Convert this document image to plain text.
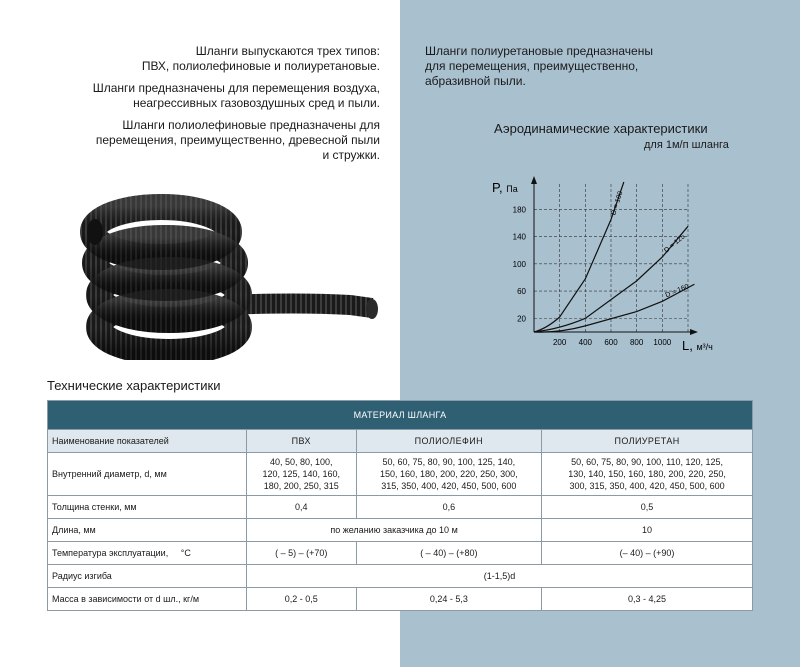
Шланги выпускаются трех типов:
ПВХ, полиолефиновые и полиуретановые.

Шланги предназначены для перемещения воздуха,
неагрессивных газовоздушных сред и пыли.

Шланги полиолефиновые предназначены для
перемещения, преимущественно, древесной пыли
и стружки.

Шланги полиуретановые предназначены
для перемещения, преимущественно,
абразивной пыли.
Аэродинамические характеристики
для 1м/п шланга
20
60
100
140
180
200 400 600 800 1000
D = 100
D = 125
D = 160
P, Па
L, м³/ч
Технические характеристики
МАТЕРИАЛ ШЛАНГА			
Наименование показателей	ПВХ	ПОЛИОЛЕФИН	ПОЛИУРЕТАН
Внутренний диаметр, d, мм	40, 50, 80, 100,
120, 125, 140, 160,
180, 200, 250, 315	50, 60, 75, 80, 90, 100, 125, 140,
150, 160, 180, 200, 220, 250, 300,
315, 350, 400, 420, 450, 500, 600	50, 60, 75, 80, 90, 100, 110, 120, 125,
130, 140, 150, 160, 180, 200, 220, 250,
300, 315, 350, 400, 420, 450, 500, 600
Толщина стенки, мм	0,4	0,6	0,5
Длина, мм	по желанию заказчика до 10 м		10
Температура эксплуатации, °C	( – 5) – (+70)	( – 40) – (+80)	(– 40) – (+90)
Радиус изгиба	(1-1,5)d		
Масса в зависимости от d шл., кг/м	0,2 - 0,5	0,24 - 5,3	0,3 - 4,25
